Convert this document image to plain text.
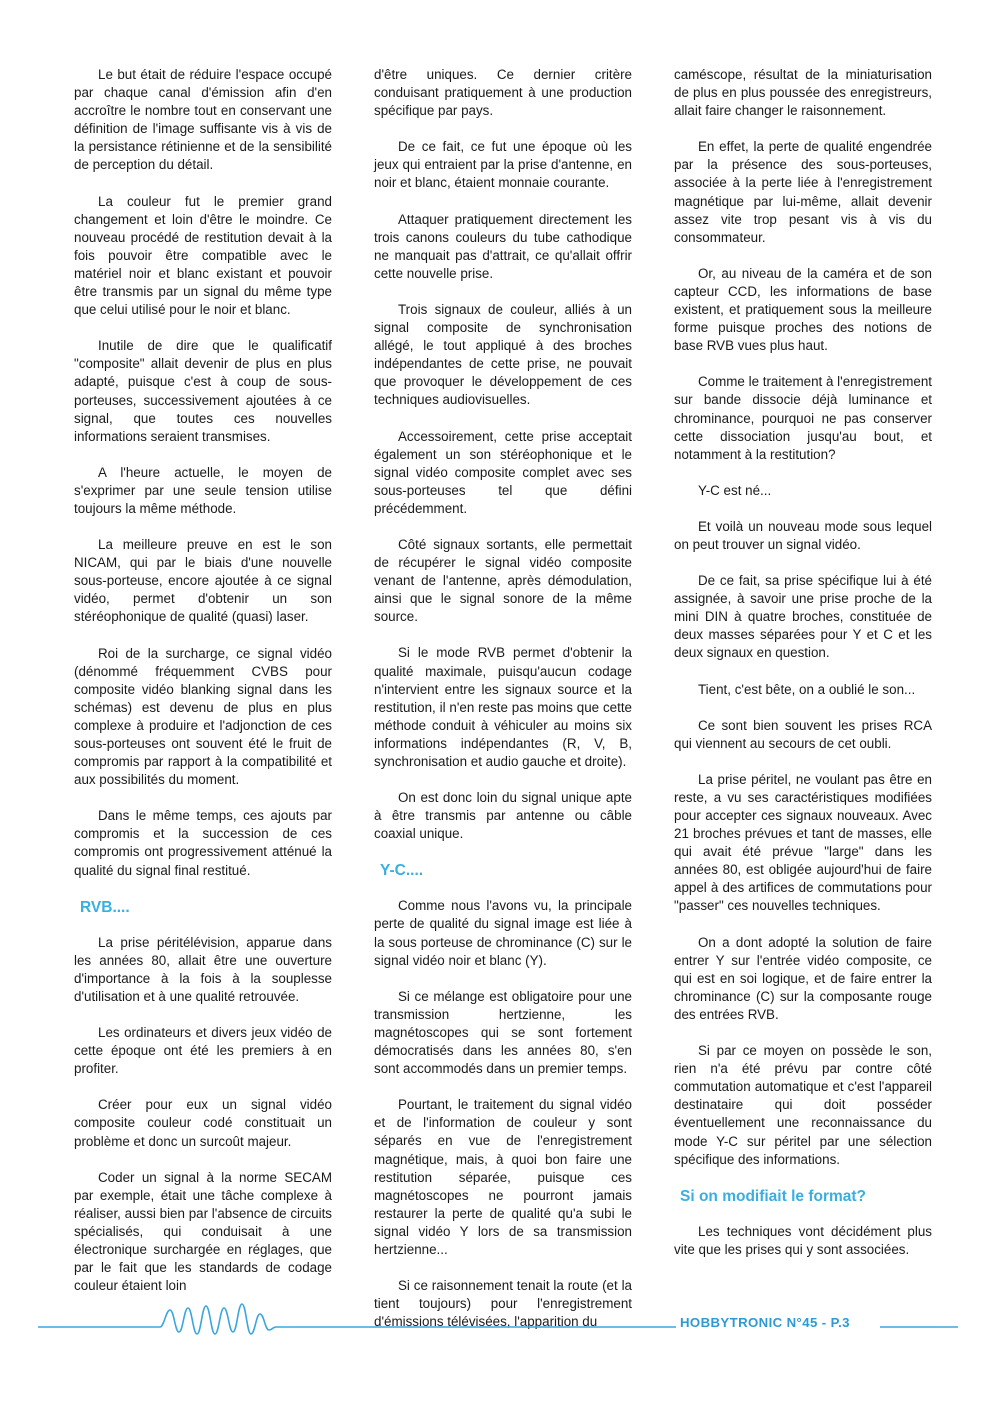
Le but était de réduire l'espace occupé par chaque canal d'émission afin d'en accroître le nombre tout en conservant une définition de l'image suffisante vis à vis de la persistance rétinienne et de la sensibilité de perception du détail.

La couleur fut le premier grand changement et loin d'être le moindre. Ce nouveau procédé de restitution devait à la fois pouvoir être compatible avec le matériel noir et blanc existant et pouvoir être transmis par un signal du même type que celui utilisé pour le noir et blanc.

Inutile de dire que le qualificatif "composite" allait devenir de plus en plus adapté, puisque c'est à coup de sous-porteuses, successivement ajoutées à ce signal, que toutes ces nouvelles informations seraient transmises.

A l'heure actuelle, le moyen de s'exprimer par une seule tension utilise toujours la même méthode.

La meilleure preuve en est le son NICAM, qui par le biais d'une nouvelle sous-porteuse, encore ajoutée à ce signal vidéo, permet d'obtenir un son stéréophonique de qualité (quasi) laser.

Roi de la surcharge, ce signal vidéo (dénommé fréquemment CVBS pour composite vidéo blanking signal dans les schémas) est devenu de plus en plus complexe à produire et l'adjonction de ces sous-porteuses ont souvent été le fruit de compromis par rapport à la compatibilité et aux possibilités du moment.

Dans le même temps, ces ajouts par compromis et la succession de ces compromis ont progressivement atténué la qualité du signal final restitué.

RVB....

La prise péritélévision, apparue dans les années 80, allait être une ouverture d'importance à la fois à la souplesse d'utilisation et à une qualité retrouvée.

Les ordinateurs et divers jeux vidéo de cette époque ont été les premiers à en profiter.

Créer pour eux un signal vidéo composite couleur codé constituait un problème et donc un surcoût majeur.

Coder un signal à la norme SECAM par exemple, était une tâche complexe à réaliser, aussi bien par l'absence de circuits spécialisés, qui conduisait à une électronique surchargée en réglages, que par le fait que les standards de codage couleur étaient loin

d'être uniques. Ce dernier critère conduisant pratiquement à une production spécifique par pays.

De ce fait, ce fut une époque où les jeux qui entraient par la prise d'antenne, en noir et blanc, étaient monnaie courante.

Attaquer pratiquement directement les trois canons couleurs du tube cathodique ne manquait pas d'attrait, ce qu'allait offrir cette nouvelle prise.

Trois signaux de couleur, alliés à un signal composite de synchronisation allégé, le tout appliqué à des broches indépendantes de cette prise, ne pouvait que provoquer le développement de ces techniques audiovisuelles.

Accessoirement, cette prise acceptait également un son stéréophonique et le signal vidéo composite complet avec ses sous-porteuses tel que défini précédemment.

Côté signaux sortants, elle permettait de récupérer le signal vidéo composite venant de l'antenne, après démodulation, ainsi que le signal sonore de la même source.

Si le mode RVB permet d'obtenir la qualité maximale, puisqu'aucun codage n'intervient entre les signaux source et la restitution, il n'en reste pas moins que cette méthode conduit à véhiculer au moins six informations indépendantes (R, V, B, synchronisation et audio gauche et droite).

On est donc loin du signal unique apte à être transmis par antenne ou câble coaxial unique.

Y-C....

Comme nous l'avons vu, la principale perte de qualité du signal image est liée à la sous porteuse de chrominance (C) sur le signal vidéo noir et blanc (Y).

Si ce mélange est obligatoire pour une transmission hertzienne, les magnétoscopes qui se sont fortement démocratisés dans les années 80, s'en sont accommodés dans un premier temps.

Pourtant, le traitement du signal vidéo et de l'information de couleur y sont séparés en vue de l'enregistrement magnétique, mais, à quoi bon faire une restitution séparée, puisque ces magnétoscopes ne pourront jamais restaurer la perte de qualité qu'a subi le signal vidéo Y lors de sa transmission hertzienne...

Si ce raisonnement tenait la route (et la tient toujours) pour l'enregistrement d'émissions télévisées, l'apparition du

caméscope, résultat de la miniaturisation de plus en plus poussée des enregistreurs, allait faire changer le raisonnement.

En effet, la perte de qualité engendrée par la présence des sous-porteuses, associée à la perte liée à l'enregistrement magnétique par lui-même, allait devenir assez vite trop pesant vis à vis du consommateur.

Or, au niveau de la caméra et de son capteur CCD, les informations de base existent, et pratiquement sous la meilleure forme puisque proches des notions de base RVB vues plus haut.

Comme le traitement à l'enregistrement sur bande dissocie déjà luminance et chrominance, pourquoi ne pas conserver cette dissociation jusqu'au bout, et notamment à la restitution?

Y-C est né...

Et voilà un nouveau mode sous lequel on peut trouver un signal vidéo.

De ce fait, sa prise spécifique lui à été assignée, à savoir une prise proche de la mini DIN à quatre broches, constituée de deux masses séparées pour Y et C et les deux signaux en question.

Tient, c'est bête, on a oublié le son...

Ce sont bien souvent les prises RCA qui viennent au secours de cet oubli.

La prise péritel, ne voulant pas être en reste, a vu ses caractéristiques modifiées pour accepter ces signaux nouveaux. Avec 21 broches prévues et tant de masses, elle qui avait été prévue "large" dans les années 80, est obligée aujourd'hui de faire appel à des artifices de commutations pour "passer" ces nouvelles techniques.

On a dont adopté la solution de faire entrer Y sur l'entrée vidéo composite, ce qui est en soi logique, et de faire entrer la chrominance (C) sur la composante rouge des entrées RVB.

Si par ce moyen on possède le son, rien n'a été prévu par contre côté commutation automatique et c'est l'appareil destinataire qui doit posséder éventuellement une reconnaissance du mode Y-C sur péritel par une sélection spécifique des informations.

Si on modifiait le format?

Les techniques vont décidément plus vite que les prises qui y sont associées.

HOBBYTRONIC N°45 - P.3
